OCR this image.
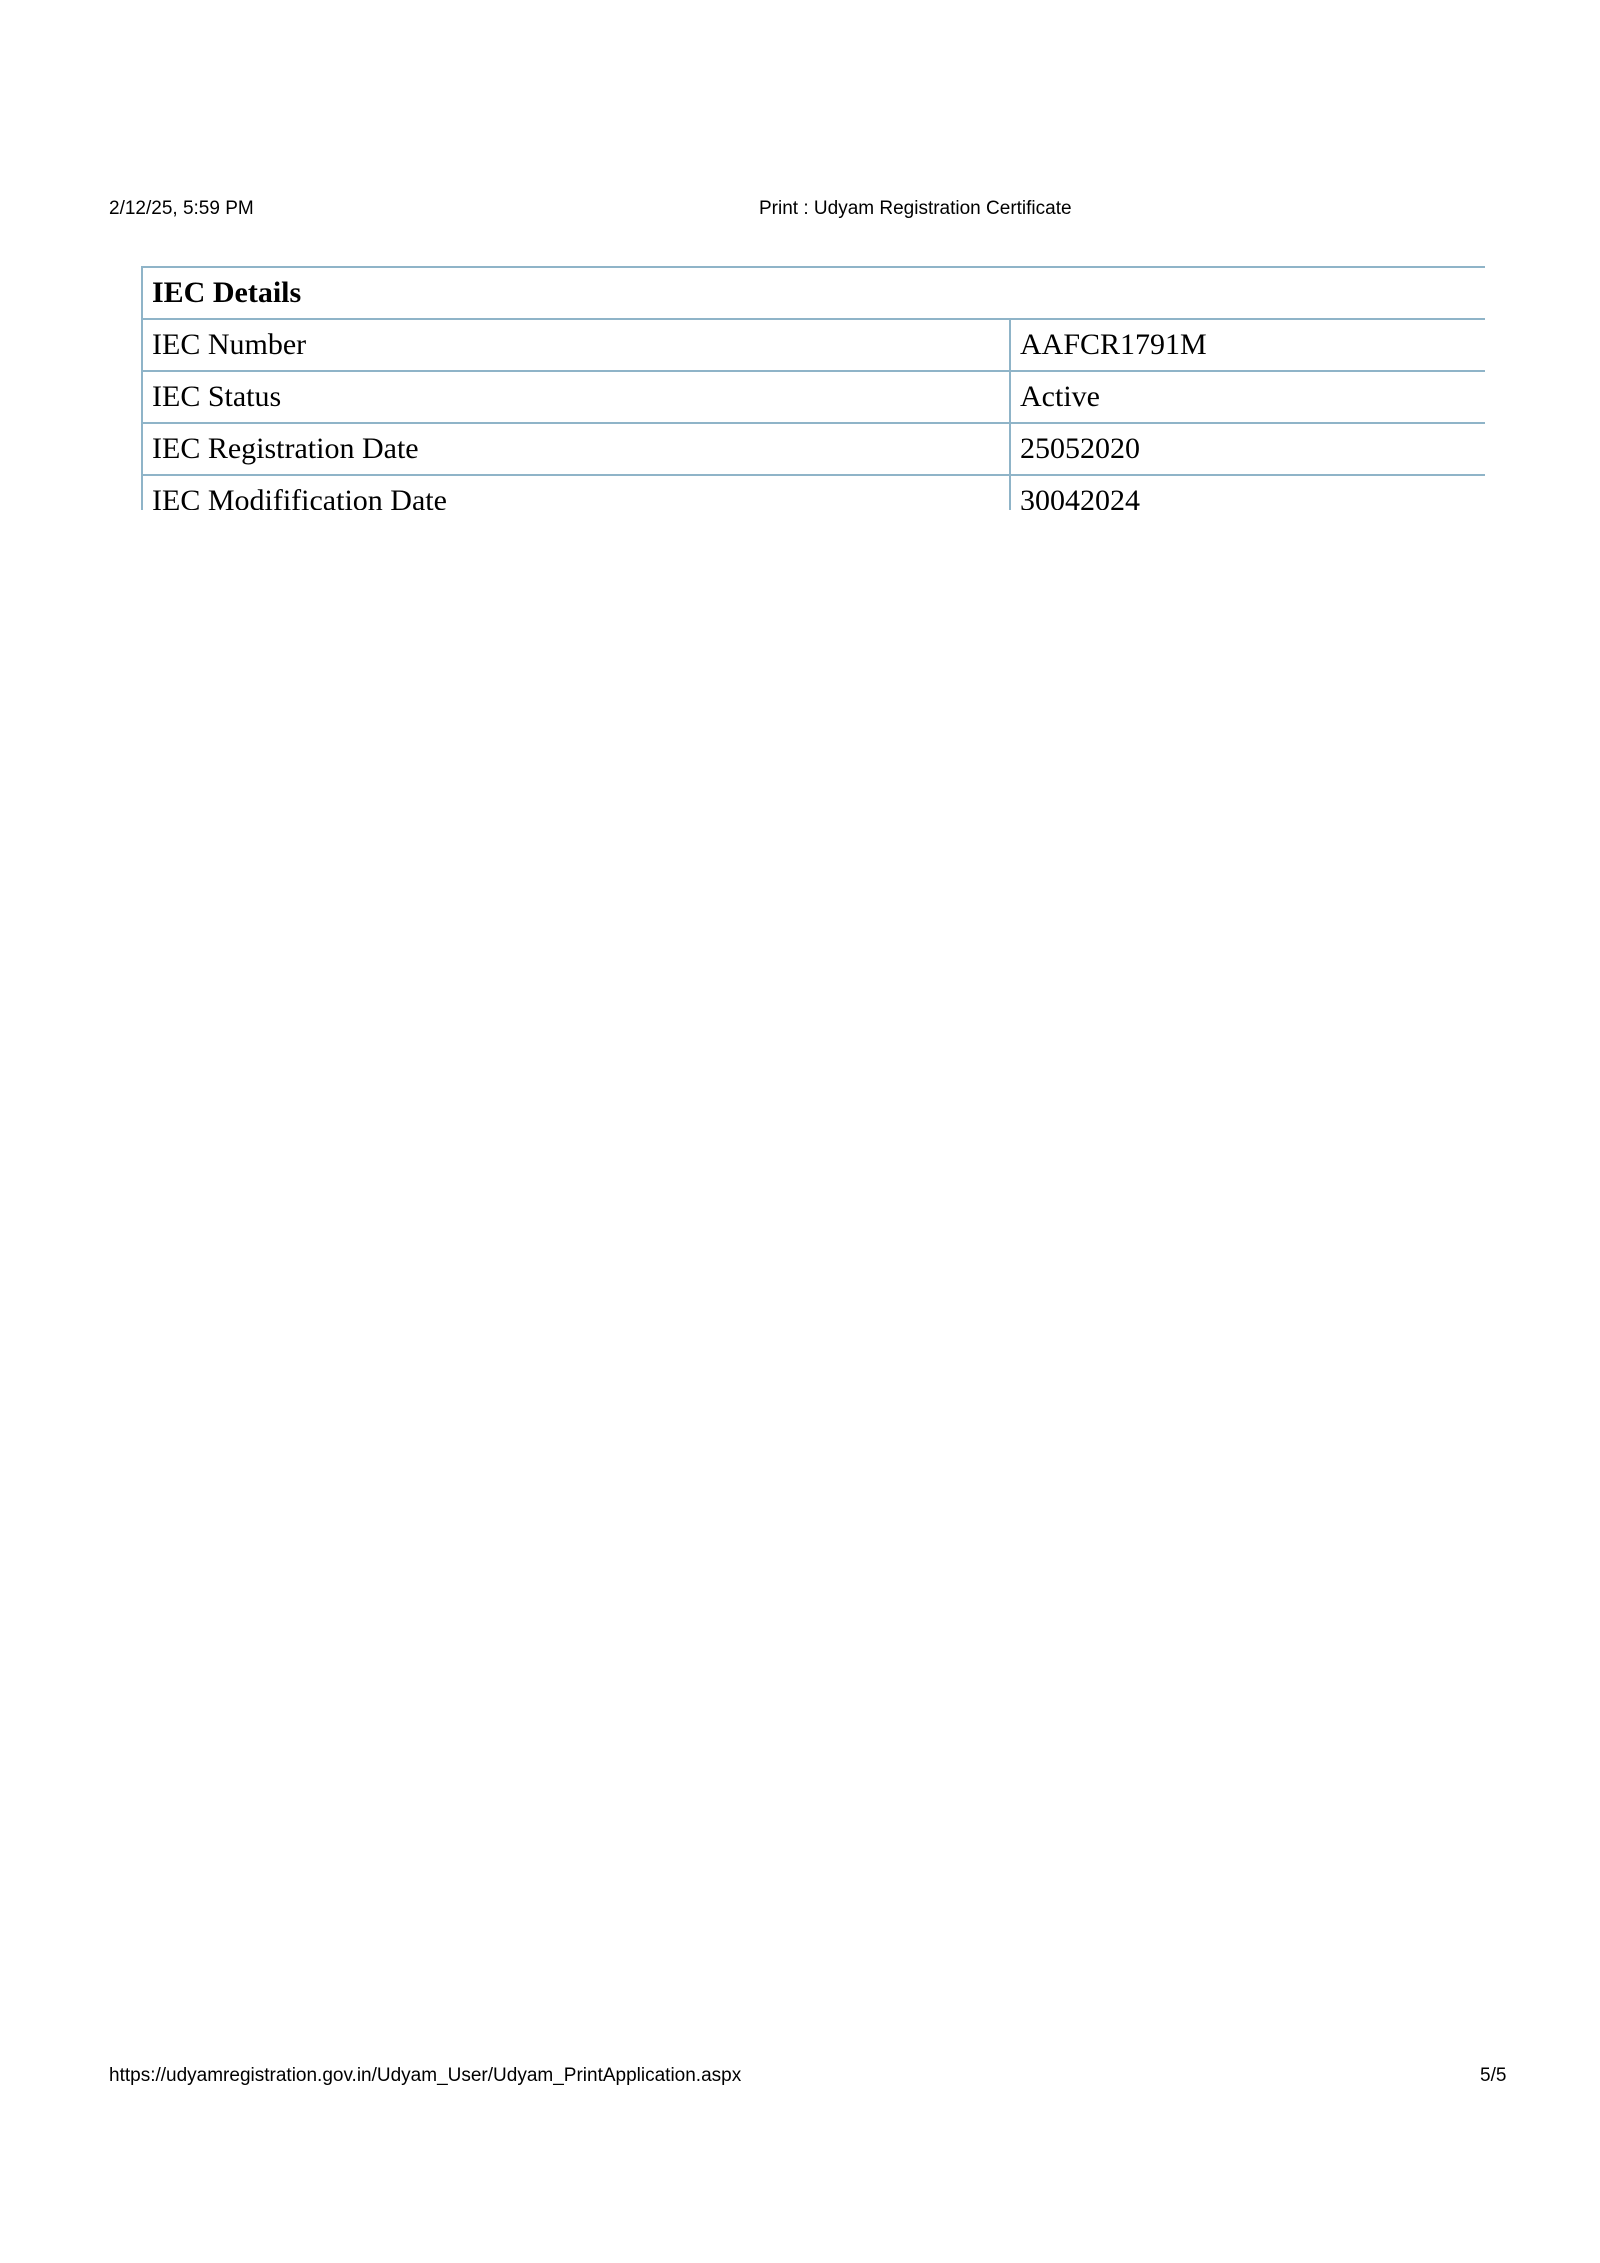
2/12/25, 5:59 PM	Print : Udyam Registration Certificate
IEC Details	
IEC Number	AAFCR1791M
IEC Status	Active
IEC Registration Date	25052020
IEC Modifification Date	30042024
https://udyamregistration.gov.in/Udyam_User/Udyam_PrintApplication.aspx	5/5
